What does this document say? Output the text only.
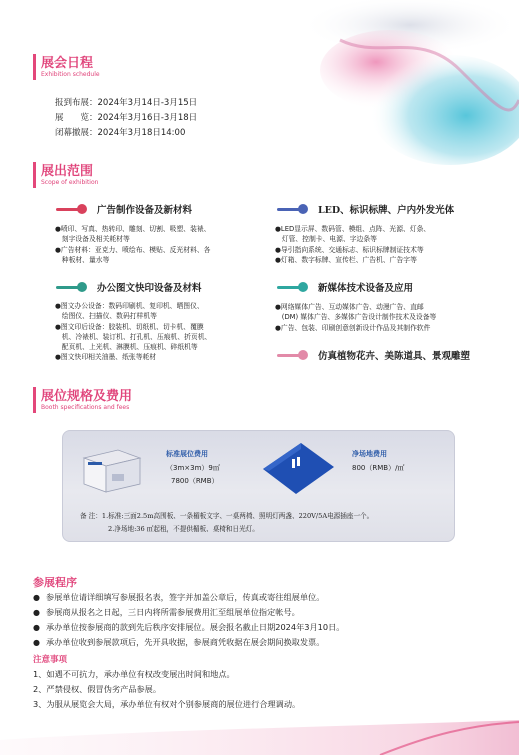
展会日程
Exhibition schedule
报到布展：2024年3月14日-3月15日
展　　览：2024年3月16日-3月18日
闭幕撤展：2024年3月18日14:00
展出范围
Scope of exhibition
广告制作设备及新材料
●喷印、写真、热转印、雕刻、切割、吸塑、装裱、
　刻字设备及相关耗材等
●广告材料：亚克力、喷绘布、模贴、反光材料、各
　种板材、量水等
办公图文快印设备及材料
●图文办公设备：数码印刷机、复印机、晒图仪、
　绘图仪、扫描仪、数码打样机等
●图文印后设备：胶装机、切纸机、切卡机、覆膜
　机、冷裱机、装订机、打孔机、压痕机、折页机、
　配页机、上光机、淋膜机、压痕机、碎纸机等
●图文快印相关油墨、纸张等耗材
LED、标识标牌、户内外发光体
●LED显示屏、数码管、模组、点阵、光源、灯条、
　灯管、控制卡、电源、字边条等
●导引指向系统、交通标志、标识标牌制证技术等
●灯箱、数字标牌、宣传栏、广告机、广告字等
新媒体技术设备及应用
●网络媒体广告、互动媒体广告、动漫广告、直邮
　(DM) 媒体广告、多媒体广告设计制作技术及设备等
●广告、包装、印刷创意创新设计作品及其制作软件
仿真植物花卉、美陈道具、景观雕塑
展位规格及费用
Booth specifications and fees
标准展位费用
（3m×3m）9㎡
7800（RMB）
净场地费用
800（RMB）/㎡
备 注：1.标准:三面2.5m高围板、一条楣板文字、一桌两椅、照明灯两盏、220V/5A电源插座一个。
2.净场地:36 ㎡起租，不提供楣板、桌椅和日光灯。
参展程序
● 参展单位请详细填写参展报名表，签字并加盖公章后，传真或寄往组展单位。
● 参展商从报名之日起，三日内将所需参展费用汇至组展单位指定帐号。
● 承办单位按参展商的款到先后秩序安排展位。展会报名截止日期2024年3月10日。
● 承办单位收到参展款项后，先开具收据，参展商凭收据在展会期间换取发票。
注意事项
1、如遇不可抗力，承办单位有权改变展出时间和地点。
2、严禁侵权、假冒伪劣产品参展。
3、为服从展览会大局，承办单位有权对个别参展商的展位进行合理调动。
